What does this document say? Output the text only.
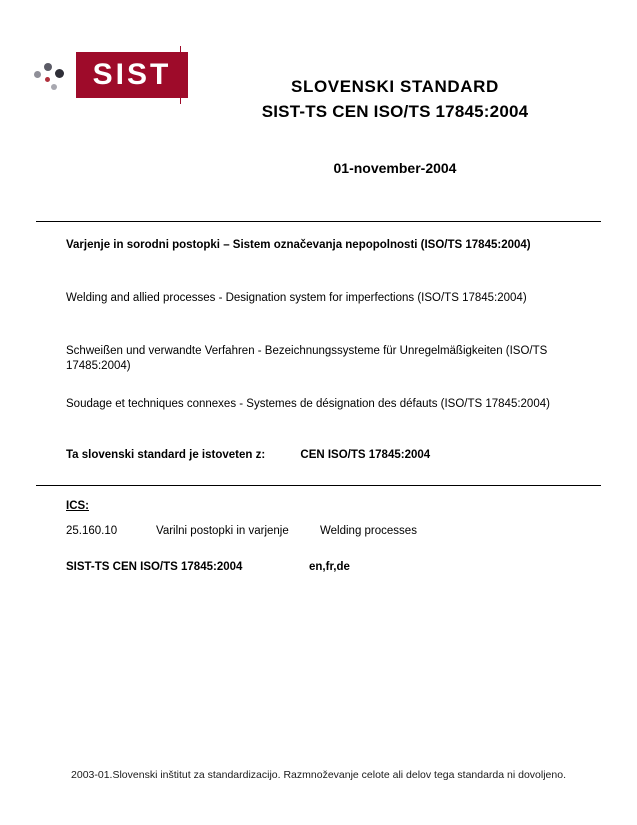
SIST	SLOVENSKI STANDARD
SIST-TS CEN ISO/TS 17845:2004
01-november-2004
Varjenje in sorodni postopki – Sistem označevanja nepopolnosti (ISO/TS 17845:2004)
Welding and allied processes - Designation system for imperfections (ISO/TS 17845:2004)
Schweißen und verwandte Verfahren - Bezeichnungssysteme für Unregelmäßigkeiten (ISO/TS 17485:2004)
Soudage et techniques connexes - Systemes de désignation des défauts (ISO/TS 17845:2004)
Ta slovenski standard je istoveten z:	CEN ISO/TS 17845:2004
ICS:
25.160.10	Varilni postopki in varjenje	Welding processes
SIST-TS CEN ISO/TS 17845:2004	en,fr,de
2003-01.Slovenski inštitut za standardizacijo. Razmnoževanje celote ali delov tega standarda ni dovoljeno.
